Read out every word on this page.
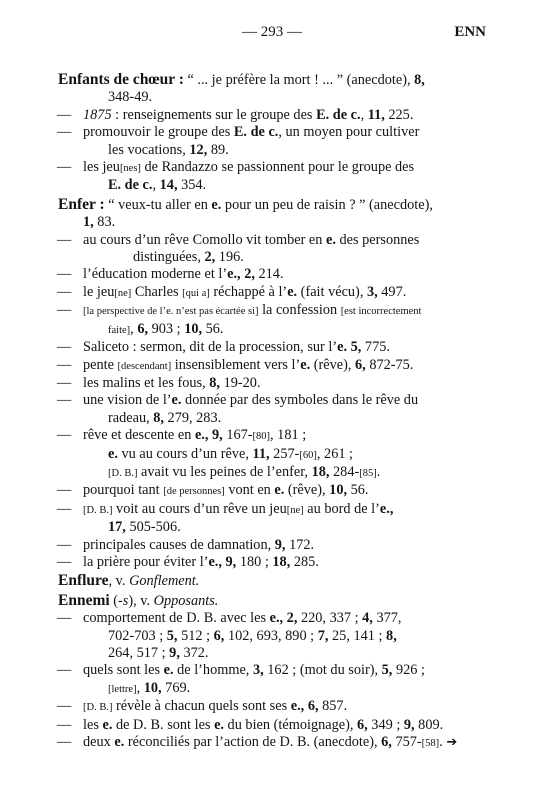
— 293 —	ENN
Enfants de chœur : “ ... je préfère la mort ! ... ” (anecdote), 8,
348-49.
— 1875 : renseignements sur le groupe des E. de c., 11, 225.
— promouvoir le groupe des E. de c., un moyen pour cultiver
les vocations, 12, 89.
— les jeu[nes] de Randazzo se passionnent pour le groupe des
E. de c., 14, 354.
Enfer : “ veux-tu aller en e. pour un peu de raisin ? ” (anecdote),
1, 83.
— au cours d’un rêve Comollo vit tomber en e. des personnes
distinguées, 2, 196.
— l’éducation moderne et l’e., 2, 214.
— le jeu[ne] Charles [qui a] réchappé à l’e. (fait vécu), 3, 497.
—	[la perspective de l’e. n’est pas écartée si] la confession [est incorrectement
faite], 6, 903 ; 10, 56.
— Saliceto : sermon, dit de la procession, sur l’e. 5, 775.
— pente [descendant] insensiblement vers l’e. (rêve), 6, 872-75.
— les malins et les fous, 8, 19-20.
— une vision de l’e. donnée par des symboles dans le rêve du
radeau, 8, 279, 283.
— rêve et descente en e., 9, 167-[80], 181 ;
e. vu au cours d’un rêve, 11, 257-[60], 261 ;
[D. B.] avait vu les peines de l’enfer, 18, 284-[85].
— pourquoi tant [de personnes] vont en e. (rêve), 10, 56.
—	[D. B.] voit au cours d’un rêve un jeu[ne] au bord de l’e.,
17, 505-506.
— principales causes de damnation, 9, 172.
— la prière pour éviter l’e., 9, 180 ; 18, 285.
Enflure, v. Gonflement.
Ennemi (-s), v. Opposants.
— comportement de D. B. avec les e., 2, 220, 337 ; 4, 377,
702-703 ; 5, 512 ; 6, 102, 693, 890 ; 7, 25, 141 ; 8,
264, 517 ; 9, 372.
— quels sont les e. de l’homme, 3, 162 ; (mot du soir), 5, 926 ;
[lettre], 10, 769.
—	[D. B.] révèle à chacun quels sont ses e., 6, 857.
— les e. de D. B. sont les e. du bien (témoignage), 6, 349 ; 9, 809.
— deux e. réconciliés par l’action de D. B. (anecdote), 6, 757-[58]. ➔
